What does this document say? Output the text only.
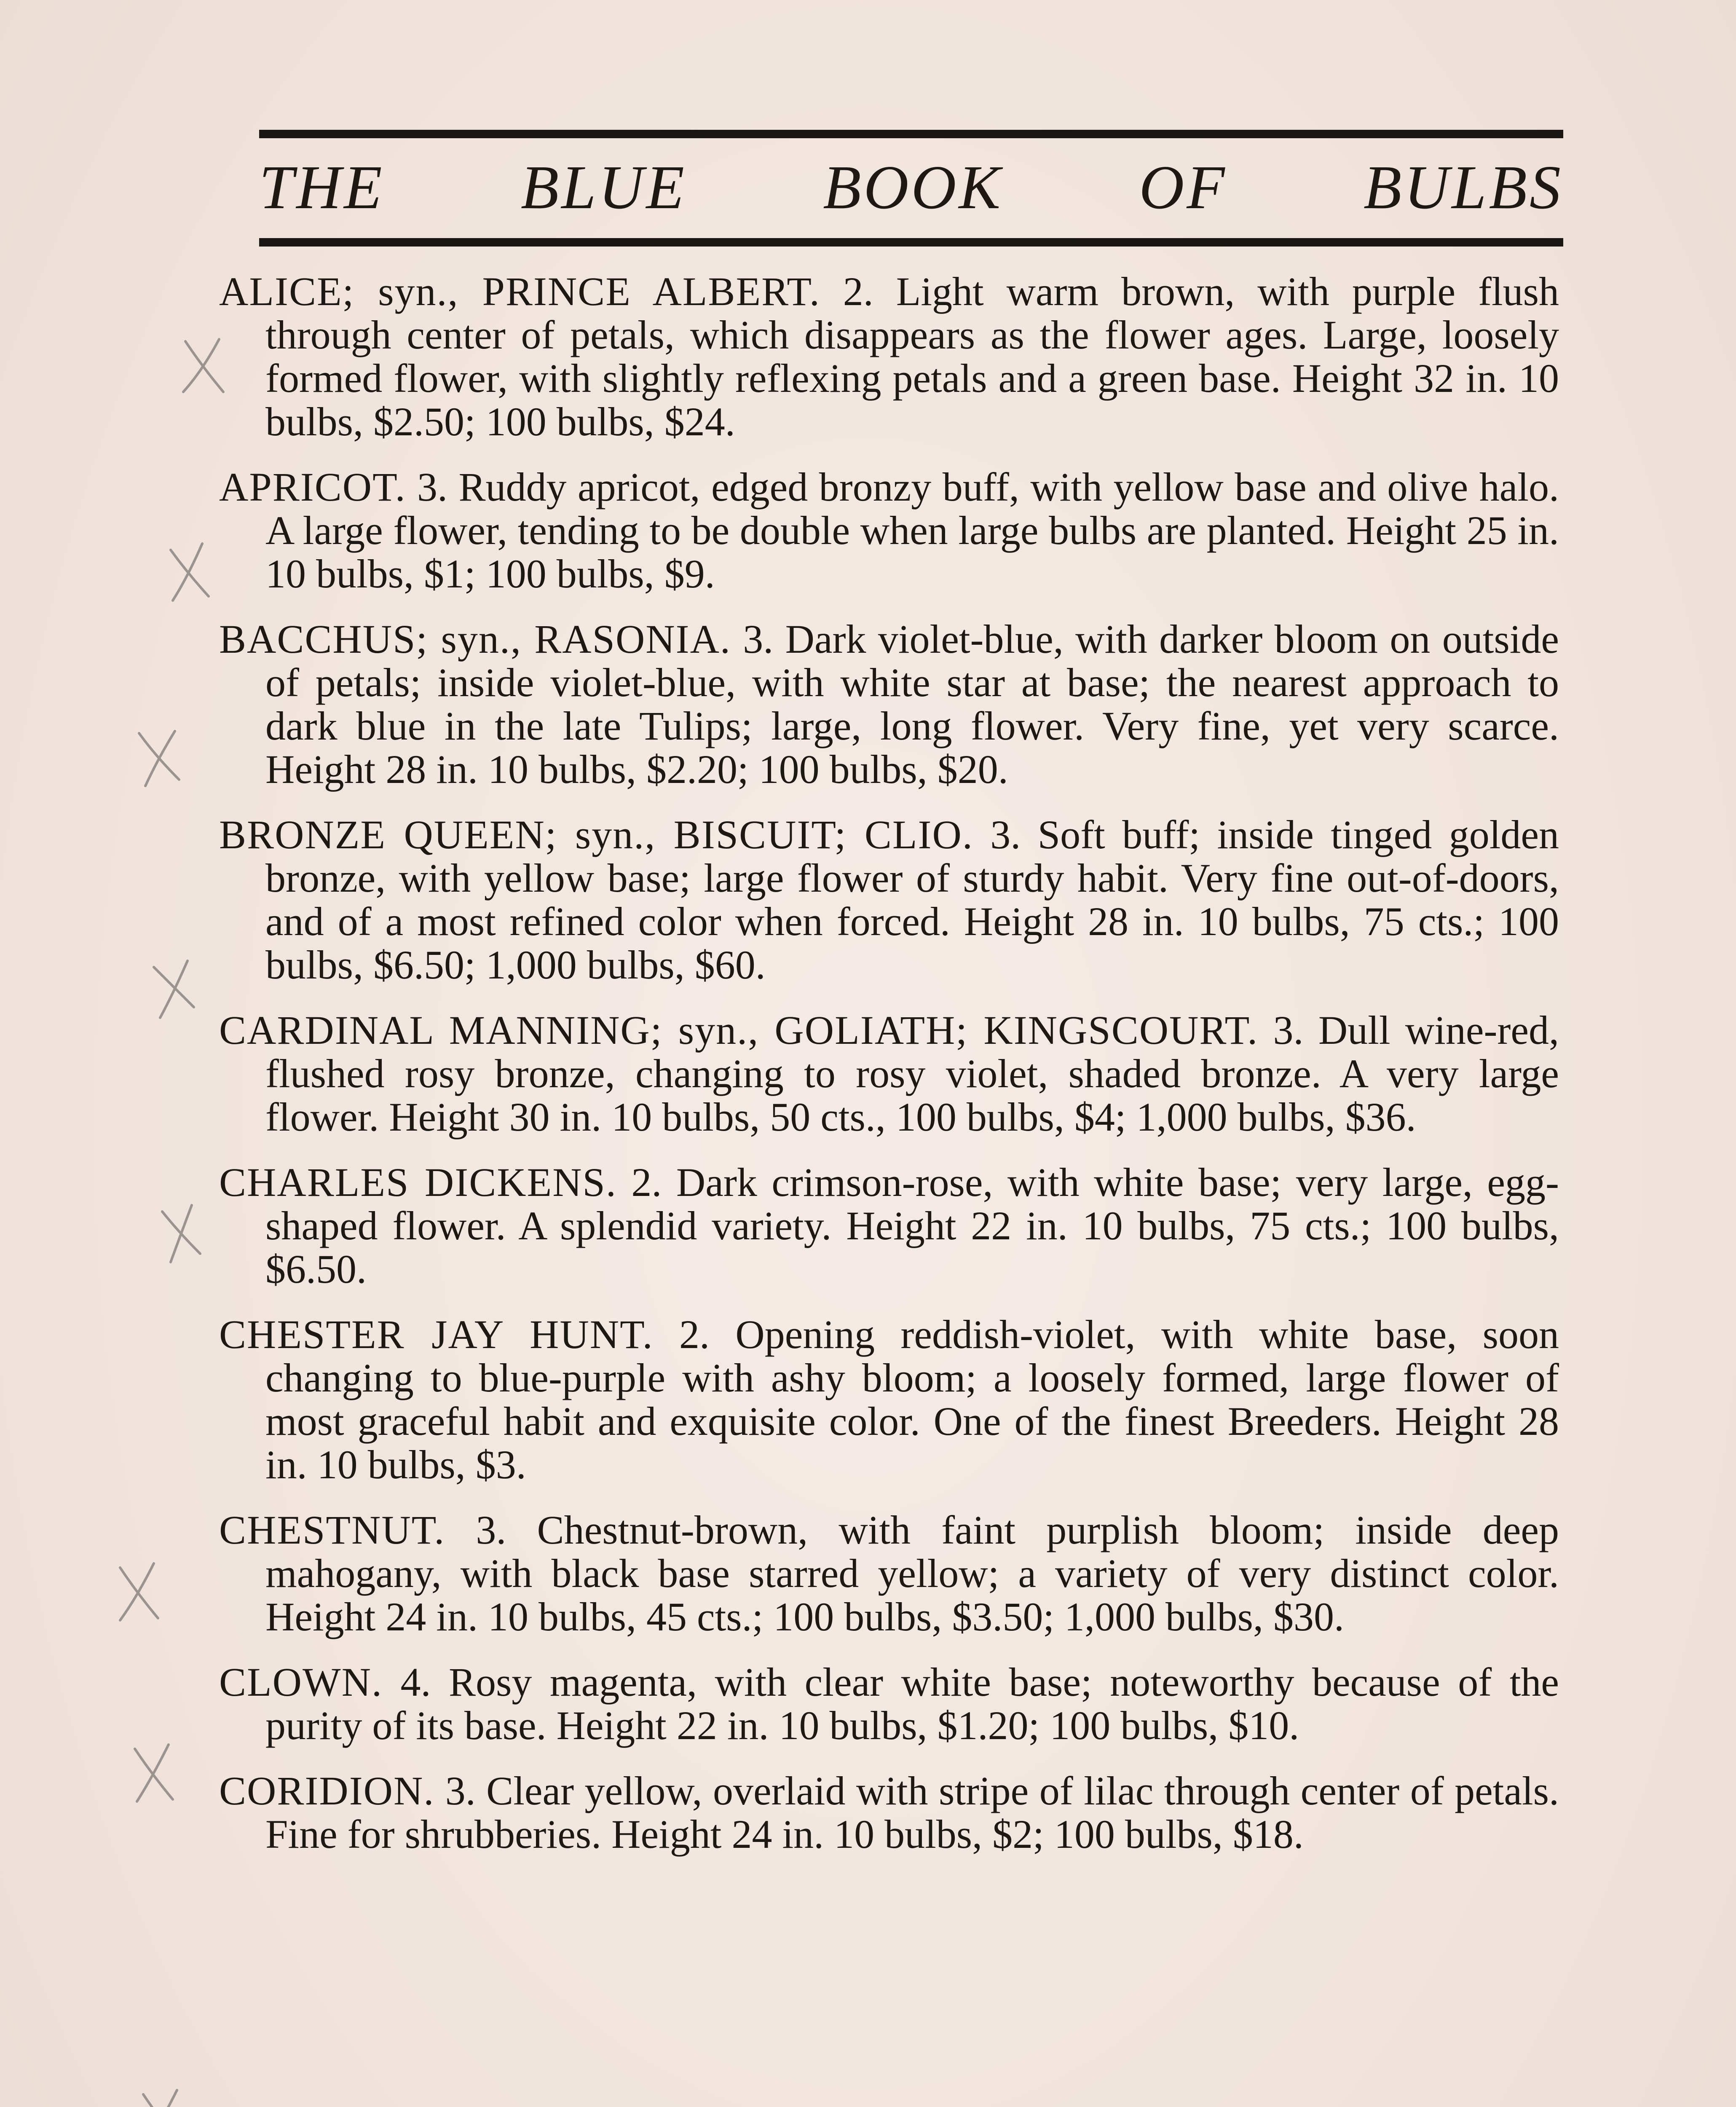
THE BLUE BOOK OF BULBS
ALICE; syn., PRINCE ALBERT. 2. Light warm brown, with purple flush through center of petals, which disappears as the flower ages. Large, loosely formed flower, with slightly reflexing petals and a green base. Height 32 in. 10 bulbs, $2.50; 100 bulbs, $24.
APRICOT. 3. Ruddy apricot, edged bronzy buff, with yellow base and olive halo. A large flower, tending to be double when large bulbs are planted. Height 25 in. 10 bulbs, $1; 100 bulbs, $9.
BACCHUS; syn., RASONIA. 3. Dark violet-blue, with darker bloom on outside of petals; inside violet-blue, with white star at base; the nearest approach to dark blue in the late Tulips; large, long flower. Very fine, yet very scarce. Height 28 in. 10 bulbs, $2.20; 100 bulbs, $20.
BRONZE QUEEN; syn., BISCUIT; CLIO. 3. Soft buff; inside tinged golden bronze, with yellow base; large flower of sturdy habit. Very fine out-of-doors, and of a most refined color when forced. Height 28 in. 10 bulbs, 75 cts.; 100 bulbs, $6.50; 1,000 bulbs, $60.
CARDINAL MANNING; syn., GOLIATH; KINGSCOURT. 3. Dull wine-red, flushed rosy bronze, changing to rosy violet, shaded bronze. A very large flower. Height 30 in. 10 bulbs, 50 cts., 100 bulbs, $4; 1,000 bulbs, $36.
CHARLES DICKENS. 2. Dark crimson-rose, with white base; very large, egg-shaped flower. A splendid variety. Height 22 in. 10 bulbs, 75 cts.; 100 bulbs, $6.50.
CHESTER JAY HUNT. 2. Opening reddish-violet, with white base, soon changing to blue-purple with ashy bloom; a loosely formed, large flower of most graceful habit and exquisite color. One of the finest Breeders. Height 28 in. 10 bulbs, $3.
CHESTNUT. 3. Chestnut-brown, with faint purplish bloom; inside deep mahogany, with black base starred yellow; a variety of very distinct color. Height 24 in. 10 bulbs, 45 cts.; 100 bulbs, $3.50; 1,000 bulbs, $30.
CLOWN. 4. Rosy magenta, with clear white base; noteworthy because of the purity of its base. Height 22 in. 10 bulbs, $1.20; 100 bulbs, $10.
CORIDION. 3. Clear yellow, overlaid with stripe of lilac through center of petals. Fine for shrubberies. Height 24 in. 10 bulbs, $2; 100 bulbs, $18.
